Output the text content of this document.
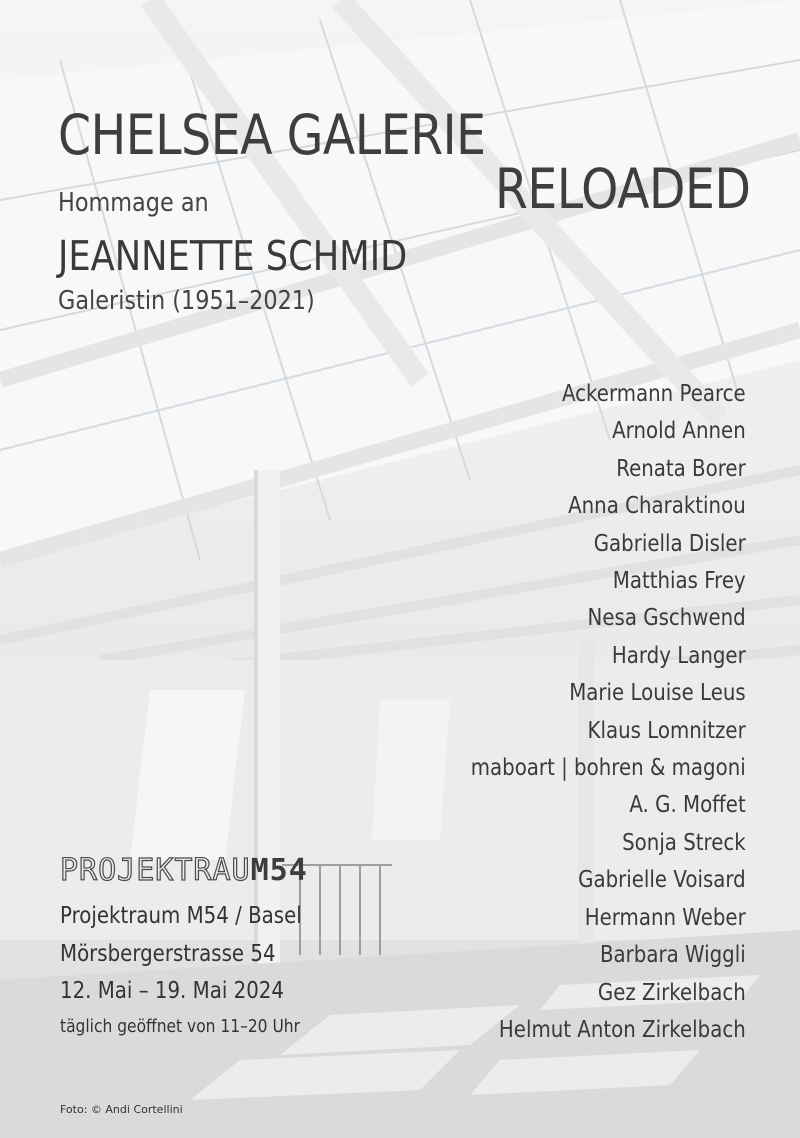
CHELSEA GALERIE
RELOADED
Hommage an
JEANNETTE SCHMID
Galeristin (1951–2021)
Ackermann Pearce
Arnold Annen
Renata Borer
Anna Charaktinou
Gabriella Disler
Matthias Frey
Nesa Gschwend
Hardy Langer
Marie Louise Leus
Klaus Lomnitzer
maboart | bohren & magoni
A. G. Moffet
Sonja Streck
Gabrielle Voisard
Hermann Weber
Barbara Wiggli
Gez Zirkelbach
Helmut Anton Zirkelbach
PROJEKTRAUM54
Projektraum M54 / Basel
Mörsbergerstrasse 54
12. Mai – 19. Mai 2024
täglich geöffnet von 11–20 Uhr
Foto: © Andi Cortellini
